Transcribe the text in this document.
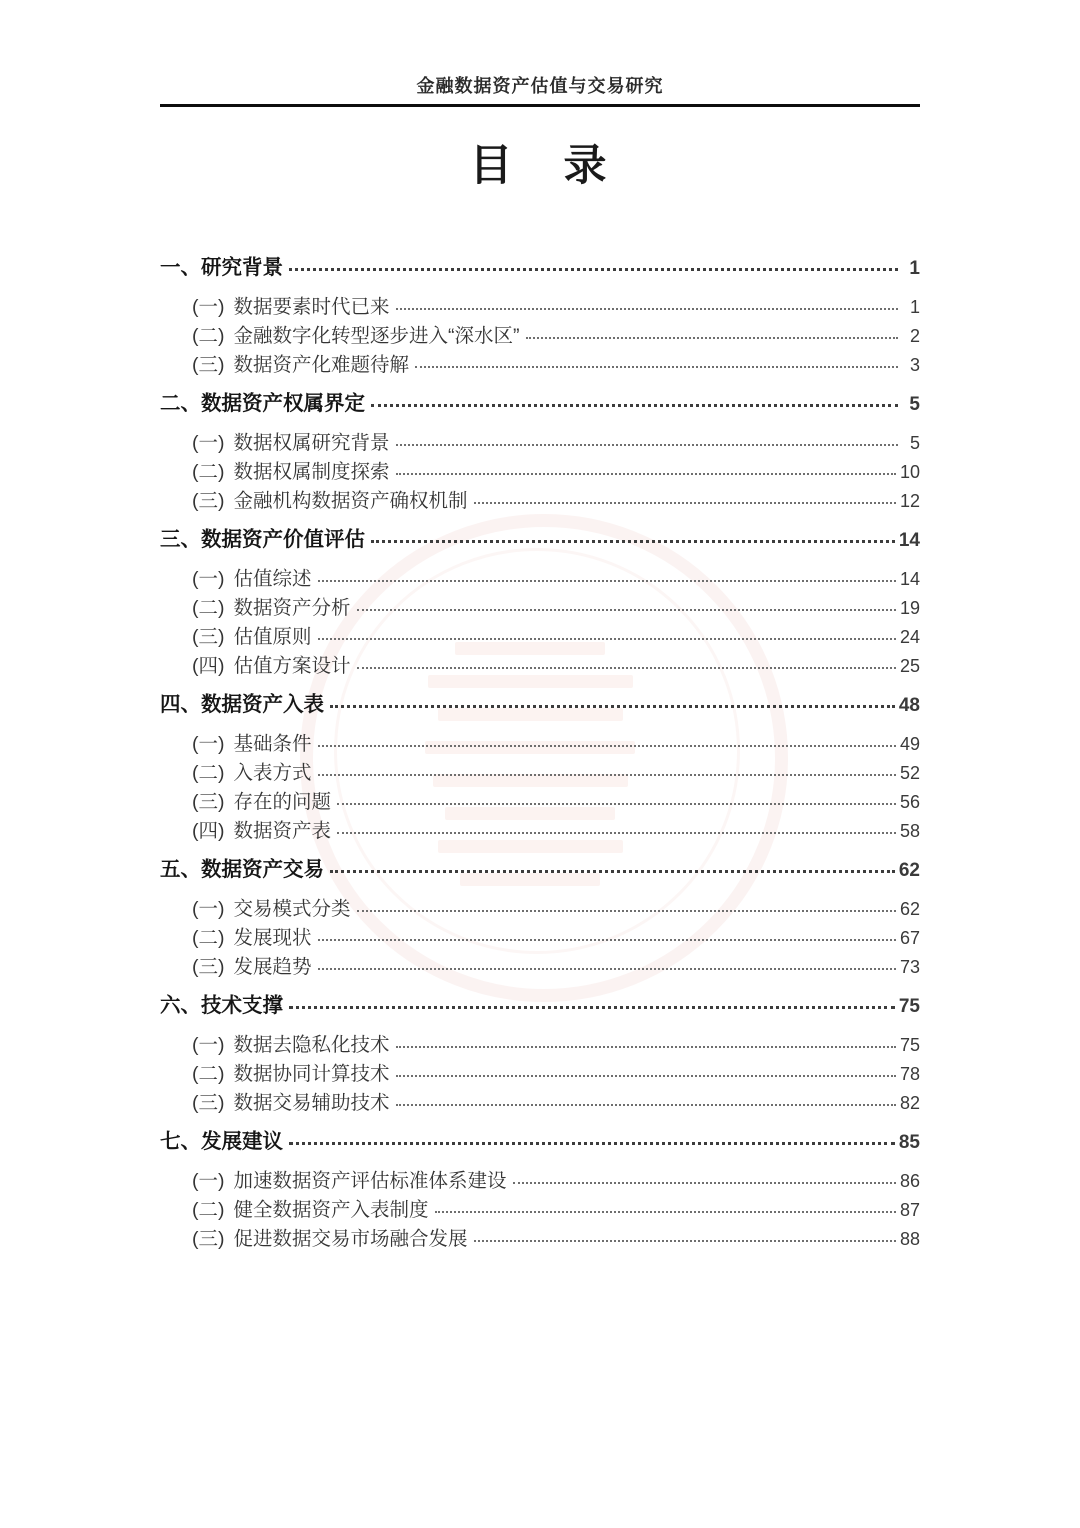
金融数据资产估值与交易研究
目　录
一、 研究背景	1
(一) 数据要素时代已来	1
(二) 金融数字化转型逐步进入“深水区”	2
(三) 数据资产化难题待解	3
二、 数据资产权属界定	5
(一) 数据权属研究背景	5
(二) 数据权属制度探索	10
(三) 金融机构数据资产确权机制	12
三、 数据资产价值评估	14
(一) 估值综述	14
(二) 数据资产分析	19
(三) 估值原则	24
(四) 估值方案设计	25
四、 数据资产入表	48
(一) 基础条件	49
(二) 入表方式	52
(三) 存在的问题	56
(四) 数据资产表	58
五、 数据资产交易	62
(一) 交易模式分类	62
(二) 发展现状	67
(三) 发展趋势	73
六、 技术支撑	75
(一) 数据去隐私化技术	75
(二) 数据协同计算技术	78
(三) 数据交易辅助技术	82
七、 发展建议	85
(一) 加速数据资产评估标准体系建设	86
(二) 健全数据资产入表制度	87
(三) 促进数据交易市场融合发展	88
